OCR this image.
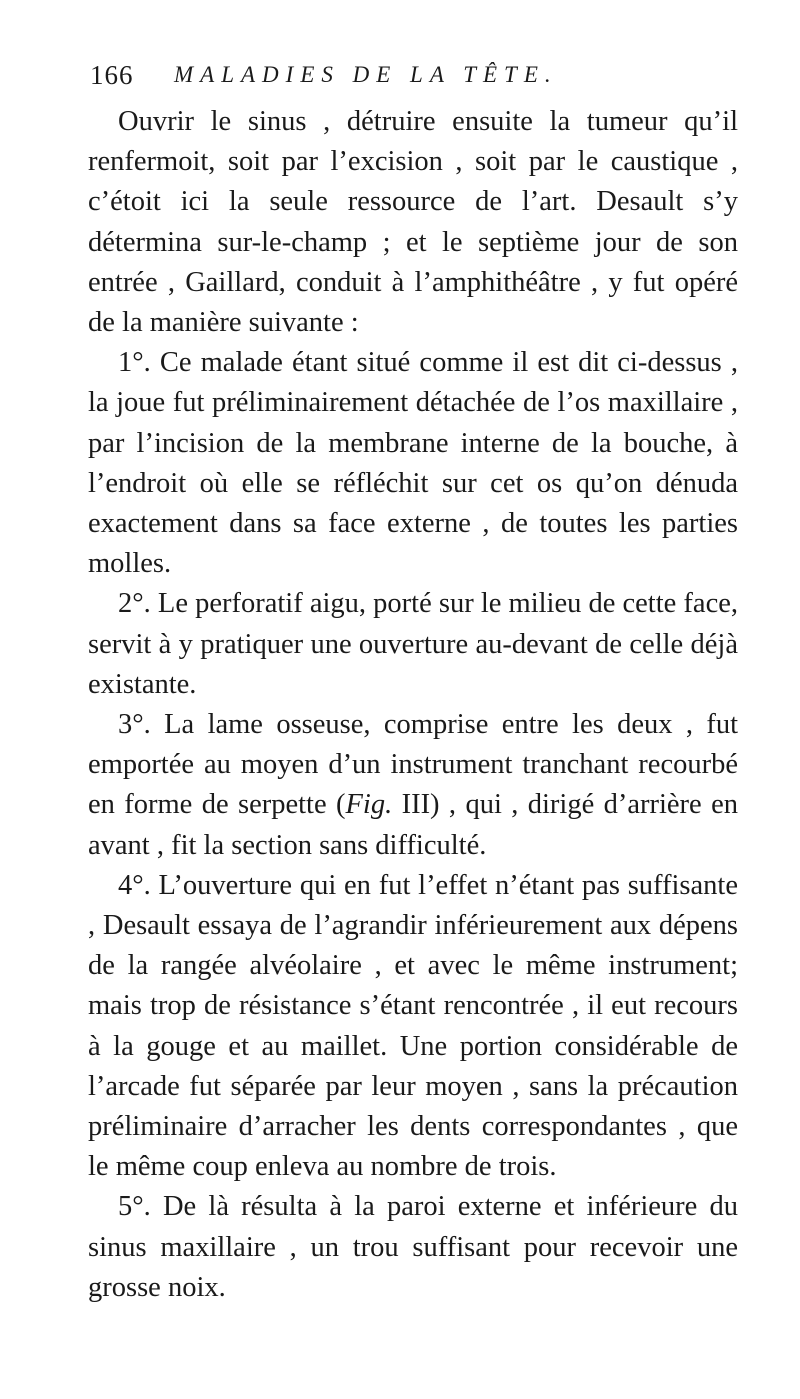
166 MALADIES DE LA TÊTE.

Ouvrir le sinus , détruire ensuite la tumeur qu’il renfermoit, soit par l’excision , soit par le caustique , c’étoit ici la seule ressource de l’art. Desault s’y détermina sur-le-champ ; et le septième jour de son entrée , Gaillard, conduit à l’amphithéâtre , y fut opéré de la manière suivante :

1°. Ce malade étant situé comme il est dit ci-dessus , la joue fut préliminairement détachée de l’os maxillaire , par l’incision de la membrane interne de la bouche, à l’endroit où elle se réfléchit sur cet os qu’on dénuda exactement dans sa face externe , de toutes les parties molles.

2°. Le perforatif aigu, porté sur le milieu de cette face, servit à y pratiquer une ouverture au-devant de celle déjà existante.

3°. La lame osseuse, comprise entre les deux , fut emportée au moyen d’un instrument tranchant recourbé en forme de serpette (Fig. III) , qui , dirigé d’arrière en avant , fit la section sans difficulté.

4°. L’ouverture qui en fut l’effet n’étant pas suffisante , Desault essaya de l’agrandir inférieurement aux dépens de la rangée alvéolaire , et avec le même instrument; mais trop de résistance s’étant rencontrée , il eut recours à la gouge et au maillet. Une portion considérable de l’arcade fut séparée par leur moyen , sans la précaution préliminaire d’arracher les dents correspondantes , que le même coup enleva au nombre de trois.

5°. De là résulta à la paroi externe et inférieure du sinus maxillaire , un trou suffisant pour recevoir une grosse noix.
